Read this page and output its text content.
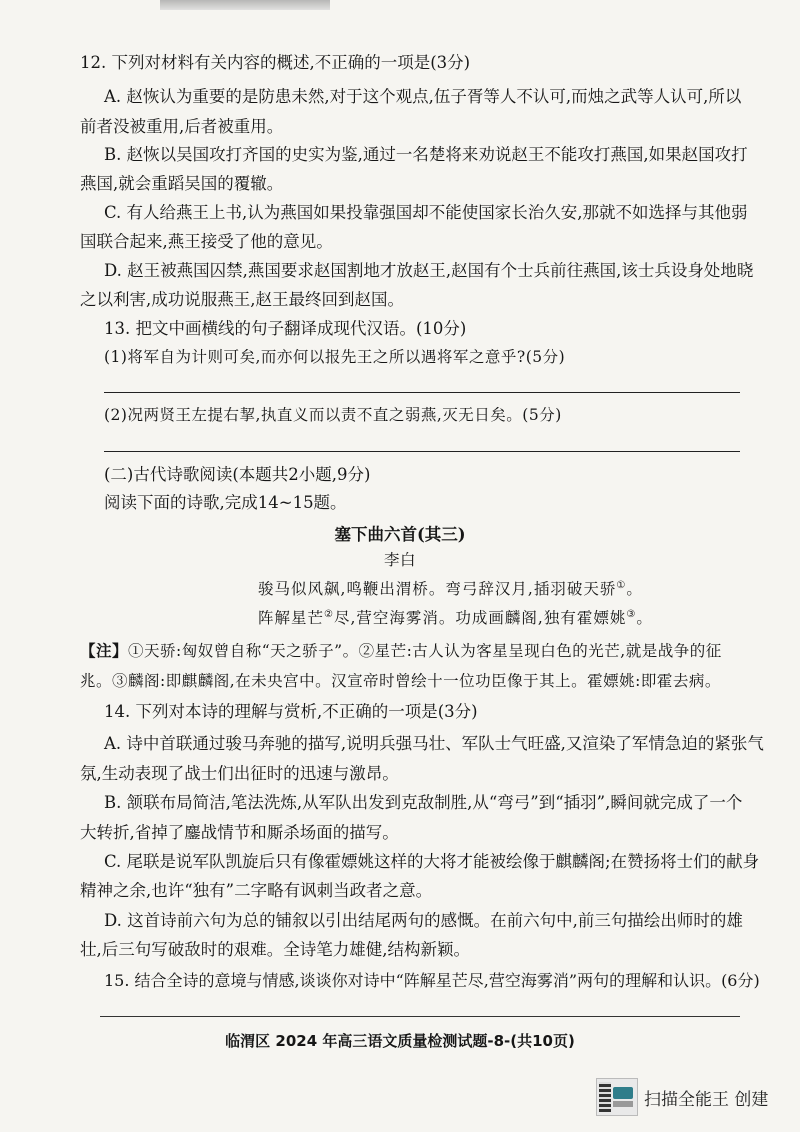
12. 下列对材料有关内容的概述,不正确的一项是(3分)
A. 赵恢认为重要的是防患未然,对于这个观点,伍子胥等人不认可,而烛之武等人认可,所以
前者没被重用,后者被重用。
B. 赵恢以吴国攻打齐国的史实为鉴,通过一名楚将来劝说赵王不能攻打燕国,如果赵国攻打
燕国,就会重蹈吴国的覆辙。
C. 有人给燕王上书,认为燕国如果投靠强国却不能使国家长治久安,那就不如选择与其他弱
国联合起来,燕王接受了他的意见。
D. 赵王被燕国囚禁,燕国要求赵国割地才放赵王,赵国有个士兵前往燕国,该士兵设身处地晓
之以利害,成功说服燕王,赵王最终回到赵国。
13. 把文中画横线的句子翻译成现代汉语。(10分)
(1)将军自为计则可矣,而亦何以报先王之所以遇将军之意乎?(5分)
(2)况两贤王左提右挈,执直义而以责不直之弱燕,灭无日矣。(5分)
(二)古代诗歌阅读(本题共2小题,9分)
阅读下面的诗歌,完成14~15题。
塞下曲六首(其三)
李白
骏马似风飙,鸣鞭出渭桥。弯弓辞汉月,插羽破天骄①。
阵解星芒②尽,营空海雾消。功成画麟阁,独有霍嫖姚③。
【注】①天骄:匈奴曾自称“天之骄子”。②星芒:古人认为客星呈现白色的光芒,就是战争的征
兆。③麟阁:即麒麟阁,在未央宫中。汉宣帝时曾绘十一位功臣像于其上。霍嫖姚:即霍去病。
14. 下列对本诗的理解与赏析,不正确的一项是(3分)
A. 诗中首联通过骏马奔驰的描写,说明兵强马壮、军队士气旺盛,又渲染了军情急迫的紧张气
氛,生动表现了战士们出征时的迅速与激昂。
B. 颔联布局简洁,笔法洗炼,从军队出发到克敌制胜,从“弯弓”到“插羽”,瞬间就完成了一个
大转折,省掉了鏖战情节和厮杀场面的描写。
C. 尾联是说军队凯旋后只有像霍嫖姚这样的大将才能被绘像于麒麟阁;在赞扬将士们的献身
精神之余,也许“独有”二字略有讽刺当政者之意。
D. 这首诗前六句为总的铺叙以引出结尾两句的感慨。在前六句中,前三句描绘出师时的雄
壮,后三句写破敌时的艰难。全诗笔力雄健,结构新颖。
15. 结合全诗的意境与情感,谈谈你对诗中“阵解星芒尽,营空海雾消”两句的理解和认识。(6分)
临渭区 2024 年高三语文质量检测试题-8-(共10页)
扫描全能王 创建
